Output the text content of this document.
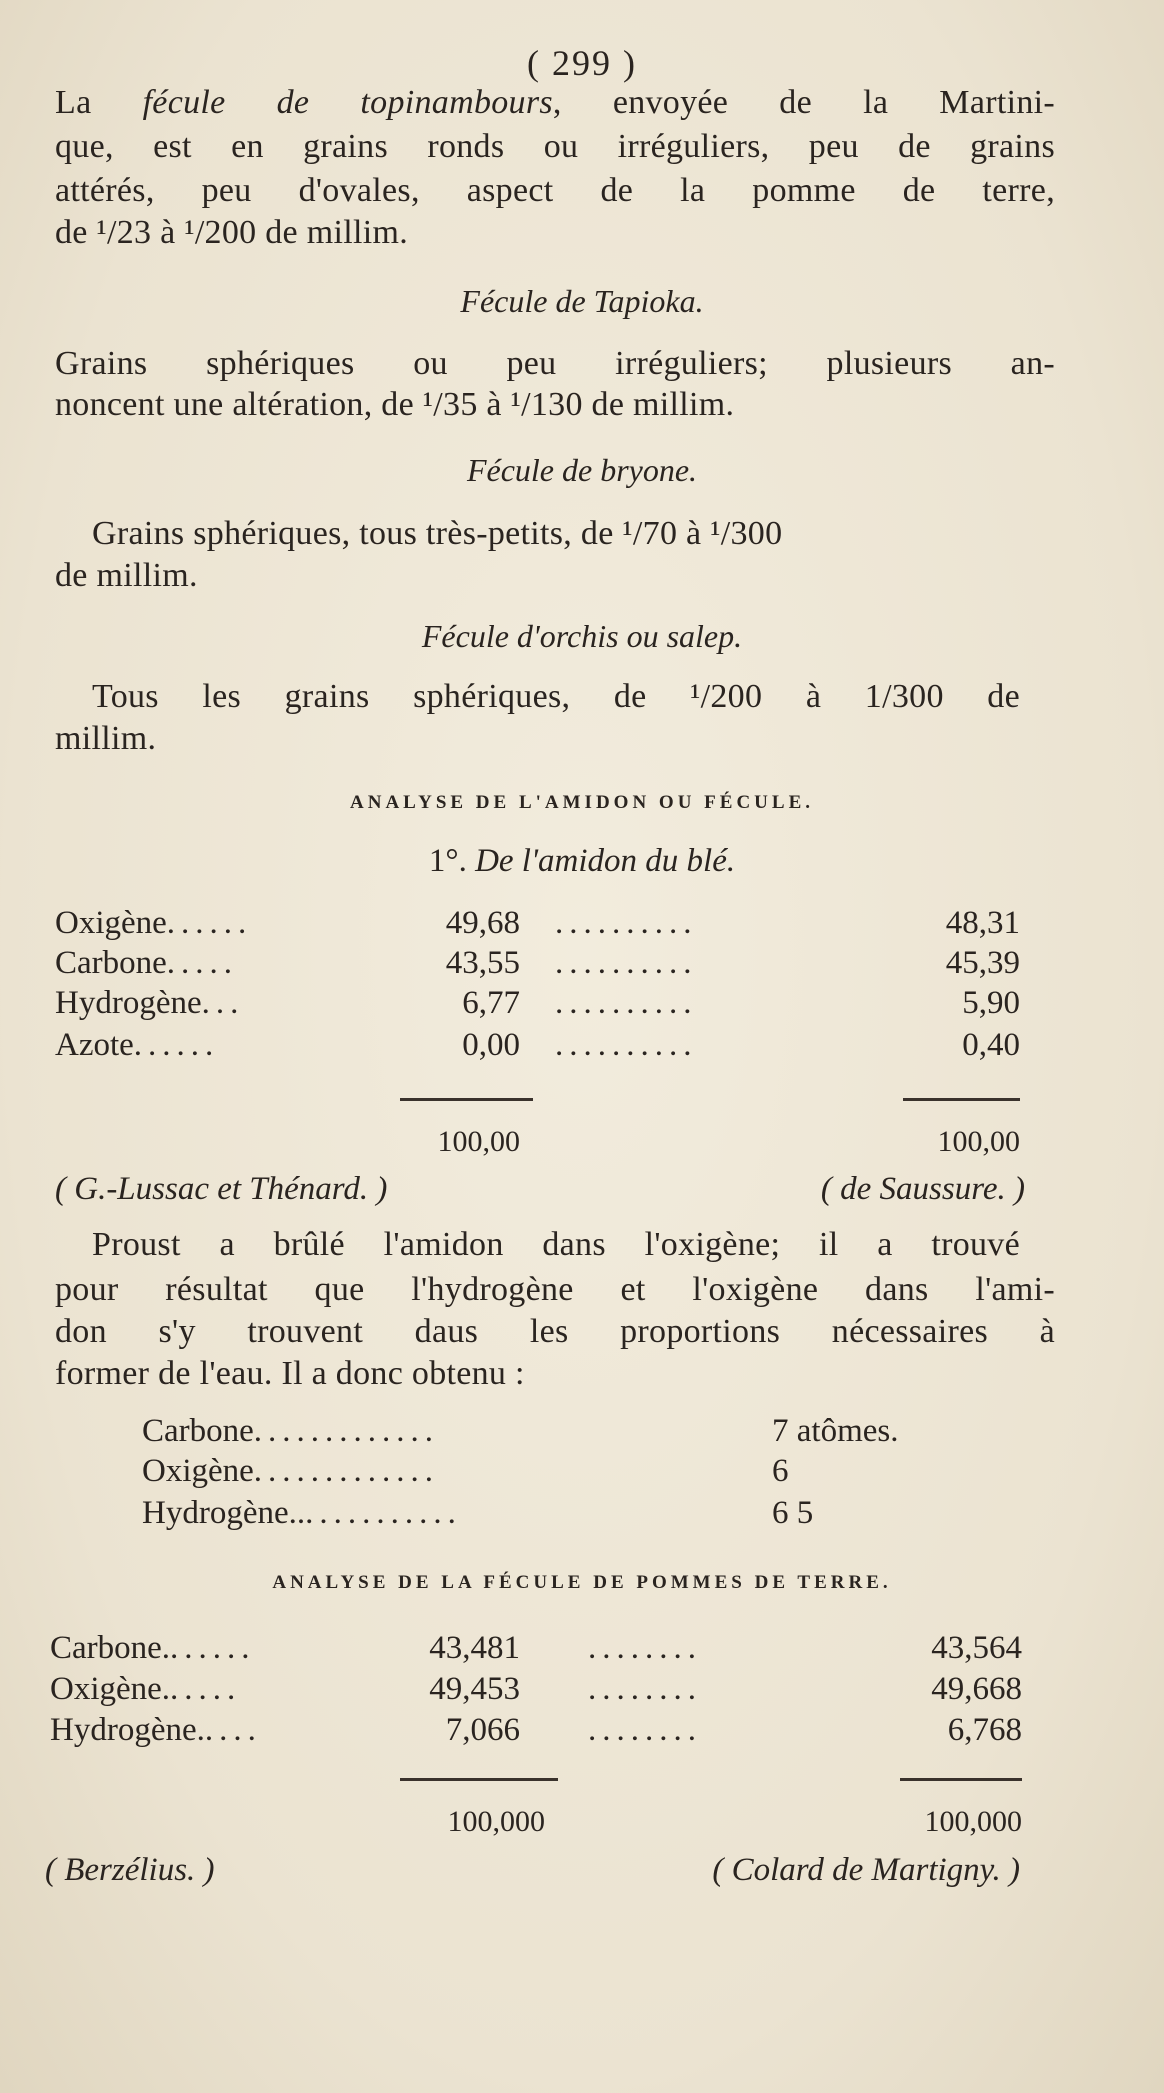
( 299 )
La fécule de topinambours, envoyée de la Martini-
que, est en grains ronds ou irréguliers, peu de grains
attérés, peu d'ovales, aspect de la pomme de terre,
de ¹/23 à ¹/200 de millim.
Fécule de Tapioka.
Grains sphériques ou peu irréguliers; plusieurs an-
noncent une altération, de ¹/35 à ¹/130 de millim.
Fécule de bryone.
Grains sphériques, tous très-petits, de ¹/70 à ¹/300
de millim.
Fécule d'orchis ou salep.
Tous les grains sphériques, de ¹/200 à 1/300 de
millim.
ANALYSE DE L'AMIDON OU FÉCULE.
1°. De l'amidon du blé.
Oxigène......	49,68 ..........	48,31
Carbone.....	43,55 ..........	45,39
Hydrogène...	6,77 ..........	5,90
Azote......	0,00 ..........	0,40
100,00	100,00
( G.-Lussac et Thénard. )	( de Saussure. )
Proust a brûlé l'amidon dans l'oxigène; il a trouvé
pour résultat que l'hydrogène et l'oxigène dans l'ami-
don s'y trouvent daus les proportions nécessaires à
former de l'eau. Il a donc obtenu :
Carbone.............	7 atômes.
Oxigène.............	6
Hydrogène.............	6 5
ANALYSE DE LA FÉCULE DE POMMES DE TERRE.
Carbone.......	43,481 ........	43,564
Oxigène......	49,453 ........	49,668
Hydrogène.....	7,066 ........	6,768
100,000	100,000
( Berzélius. )	( Colard de Martigny. )
